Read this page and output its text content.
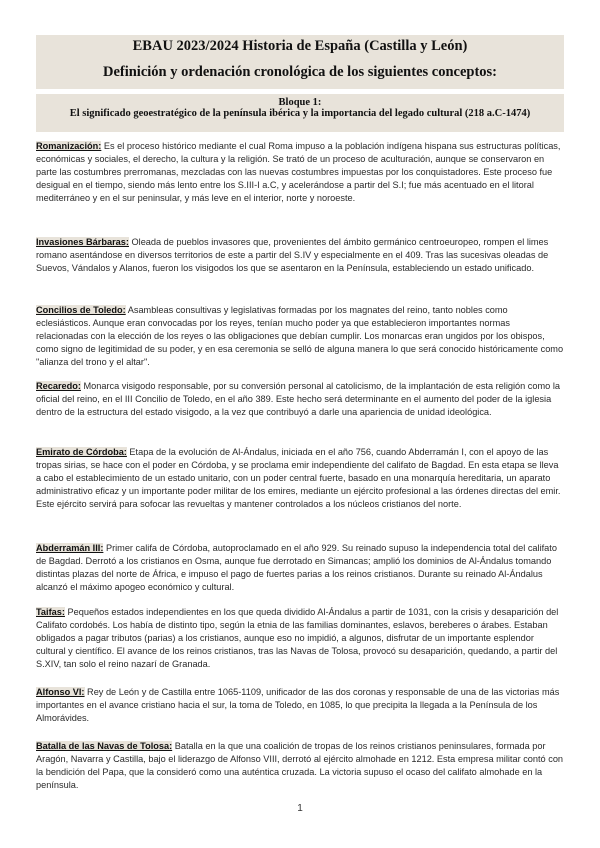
EBAU 2023/2024 Historia de España (Castilla y León)
Definición y ordenación cronológica de los siguientes conceptos:
Bloque 1:
El significado geoestratégico de la península ibérica y la importancia del legado cultural (218 a.C-1474)
Romanización: Es el proceso histórico mediante el cual Roma impuso a la población indígena hispana sus estructuras políticas, económicas y sociales, el derecho, la cultura y la religión. Se trató de un proceso de aculturación, aunque se conservaron en parte las costumbres prerromanas, mezcladas con las nuevas costumbres impuestas por los conquistadores. Este proceso fue desigual en el tiempo, siendo más lento entre los S.III-I a.C, y acelerándose a partir del S.I; fue más acentuado en el litoral mediterráneo y en el sur peninsular, y más leve en el interior, norte y noroeste.
Invasiones Bárbaras: Oleada de pueblos invasores que, provenientes del ámbito germánico centroeuropeo, rompen el limes romano asentándose en diversos territorios de este a partir del S.IV y especialmente en el 409. Tras las sucesivas oleadas de Suevos, Vándalos y Alanos, fueron los visigodos los que se asentaron en la Península, estableciendo un estado unificado.
Concilios de Toledo: Asambleas consultivas y legislativas formadas por los magnates del reino, tanto nobles como eclesiásticos. Aunque eran convocadas por los reyes, tenían mucho poder ya que establecieron importantes normas relacionadas con la elección de los reyes o las obligaciones que debían cumplir. Los monarcas eran ungidos por los obispos, como signo de legitimidad de su poder, y en esa ceremonia se selló de alguna manera lo que será conocido históricamente como "alianza del trono y el altar".
Recaredo: Monarca visigodo responsable, por su conversión personal al catolicismo, de la implantación de esta religión como la oficial del reino, en el III Concilio de Toledo, en el año 389. Este hecho será determinante en el aumento del poder de la iglesia dentro de la estructura del estado visigodo, a la vez que contribuyó a darle una apariencia de unidad ideológica.
Emirato de Córdoba: Etapa de la evolución de Al-Ándalus, iniciada en el año 756, cuando Abderramán I, con el apoyo de las tropas sirias, se hace con el poder en Córdoba, y se proclama emir independiente del califato de Bagdad. En esta etapa se lleva a cabo el establecimiento de un estado unitario, con un poder central fuerte, basado en una monarquía hereditaria, un aparato administrativo eficaz y un importante poder militar de los emires, mediante un ejército profesional a las órdenes directas del emir. Este ejército servirá para sofocar las revueltas y mantener controlados a los núcleos cristianos del norte.
Abderramán III: Primer califa de Córdoba, autoproclamado en el año 929. Su reinado supuso la independencia total del califato de Bagdad. Derrotó a los cristianos en Osma, aunque fue derrotado en Simancas; amplió los dominios de Al-Ándalus tomando distintas plazas del norte de África, e impuso el pago de fuertes parias a los reinos cristianos. Durante su reinado Al-Ándalus alcanzó el máximo apogeo económico y cultural.
Taifas: Pequeños estados independientes en los que queda dividido Al-Ándalus a partir de 1031, con la crisis y desaparición del Califato cordobés. Los había de distinto tipo, según la etnia de las familias dominantes, eslavos, bereberes o árabes. Estaban obligados a pagar tributos (parias) a los cristianos, aunque eso no impidió, a algunos, disfrutar de un importante esplendor cultural y científico. El avance de los reinos cristianos, tras las Navas de Tolosa, provocó su desaparición, quedando, a partir del S.XIV, tan solo el reino nazarí de Granada.
Alfonso VI: Rey de León y de Castilla entre 1065-1109, unificador de las dos coronas y responsable de una de las victorias más importantes en el avance cristiano hacia el sur, la toma de Toledo, en 1085, lo que precipita la llegada a la Península de los Almorávides.
Batalla de las Navas de Tolosa: Batalla en la que una coalición de tropas de los reinos cristianos peninsulares, formada por Aragón, Navarra y Castilla, bajo el liderazgo de Alfonso VIII, derrotó al ejército almohade en 1212. Esta empresa militar contó con la bendición del Papa, que la consideró como una auténtica cruzada. La victoria supuso el ocaso del califato almohade en la península.
1
